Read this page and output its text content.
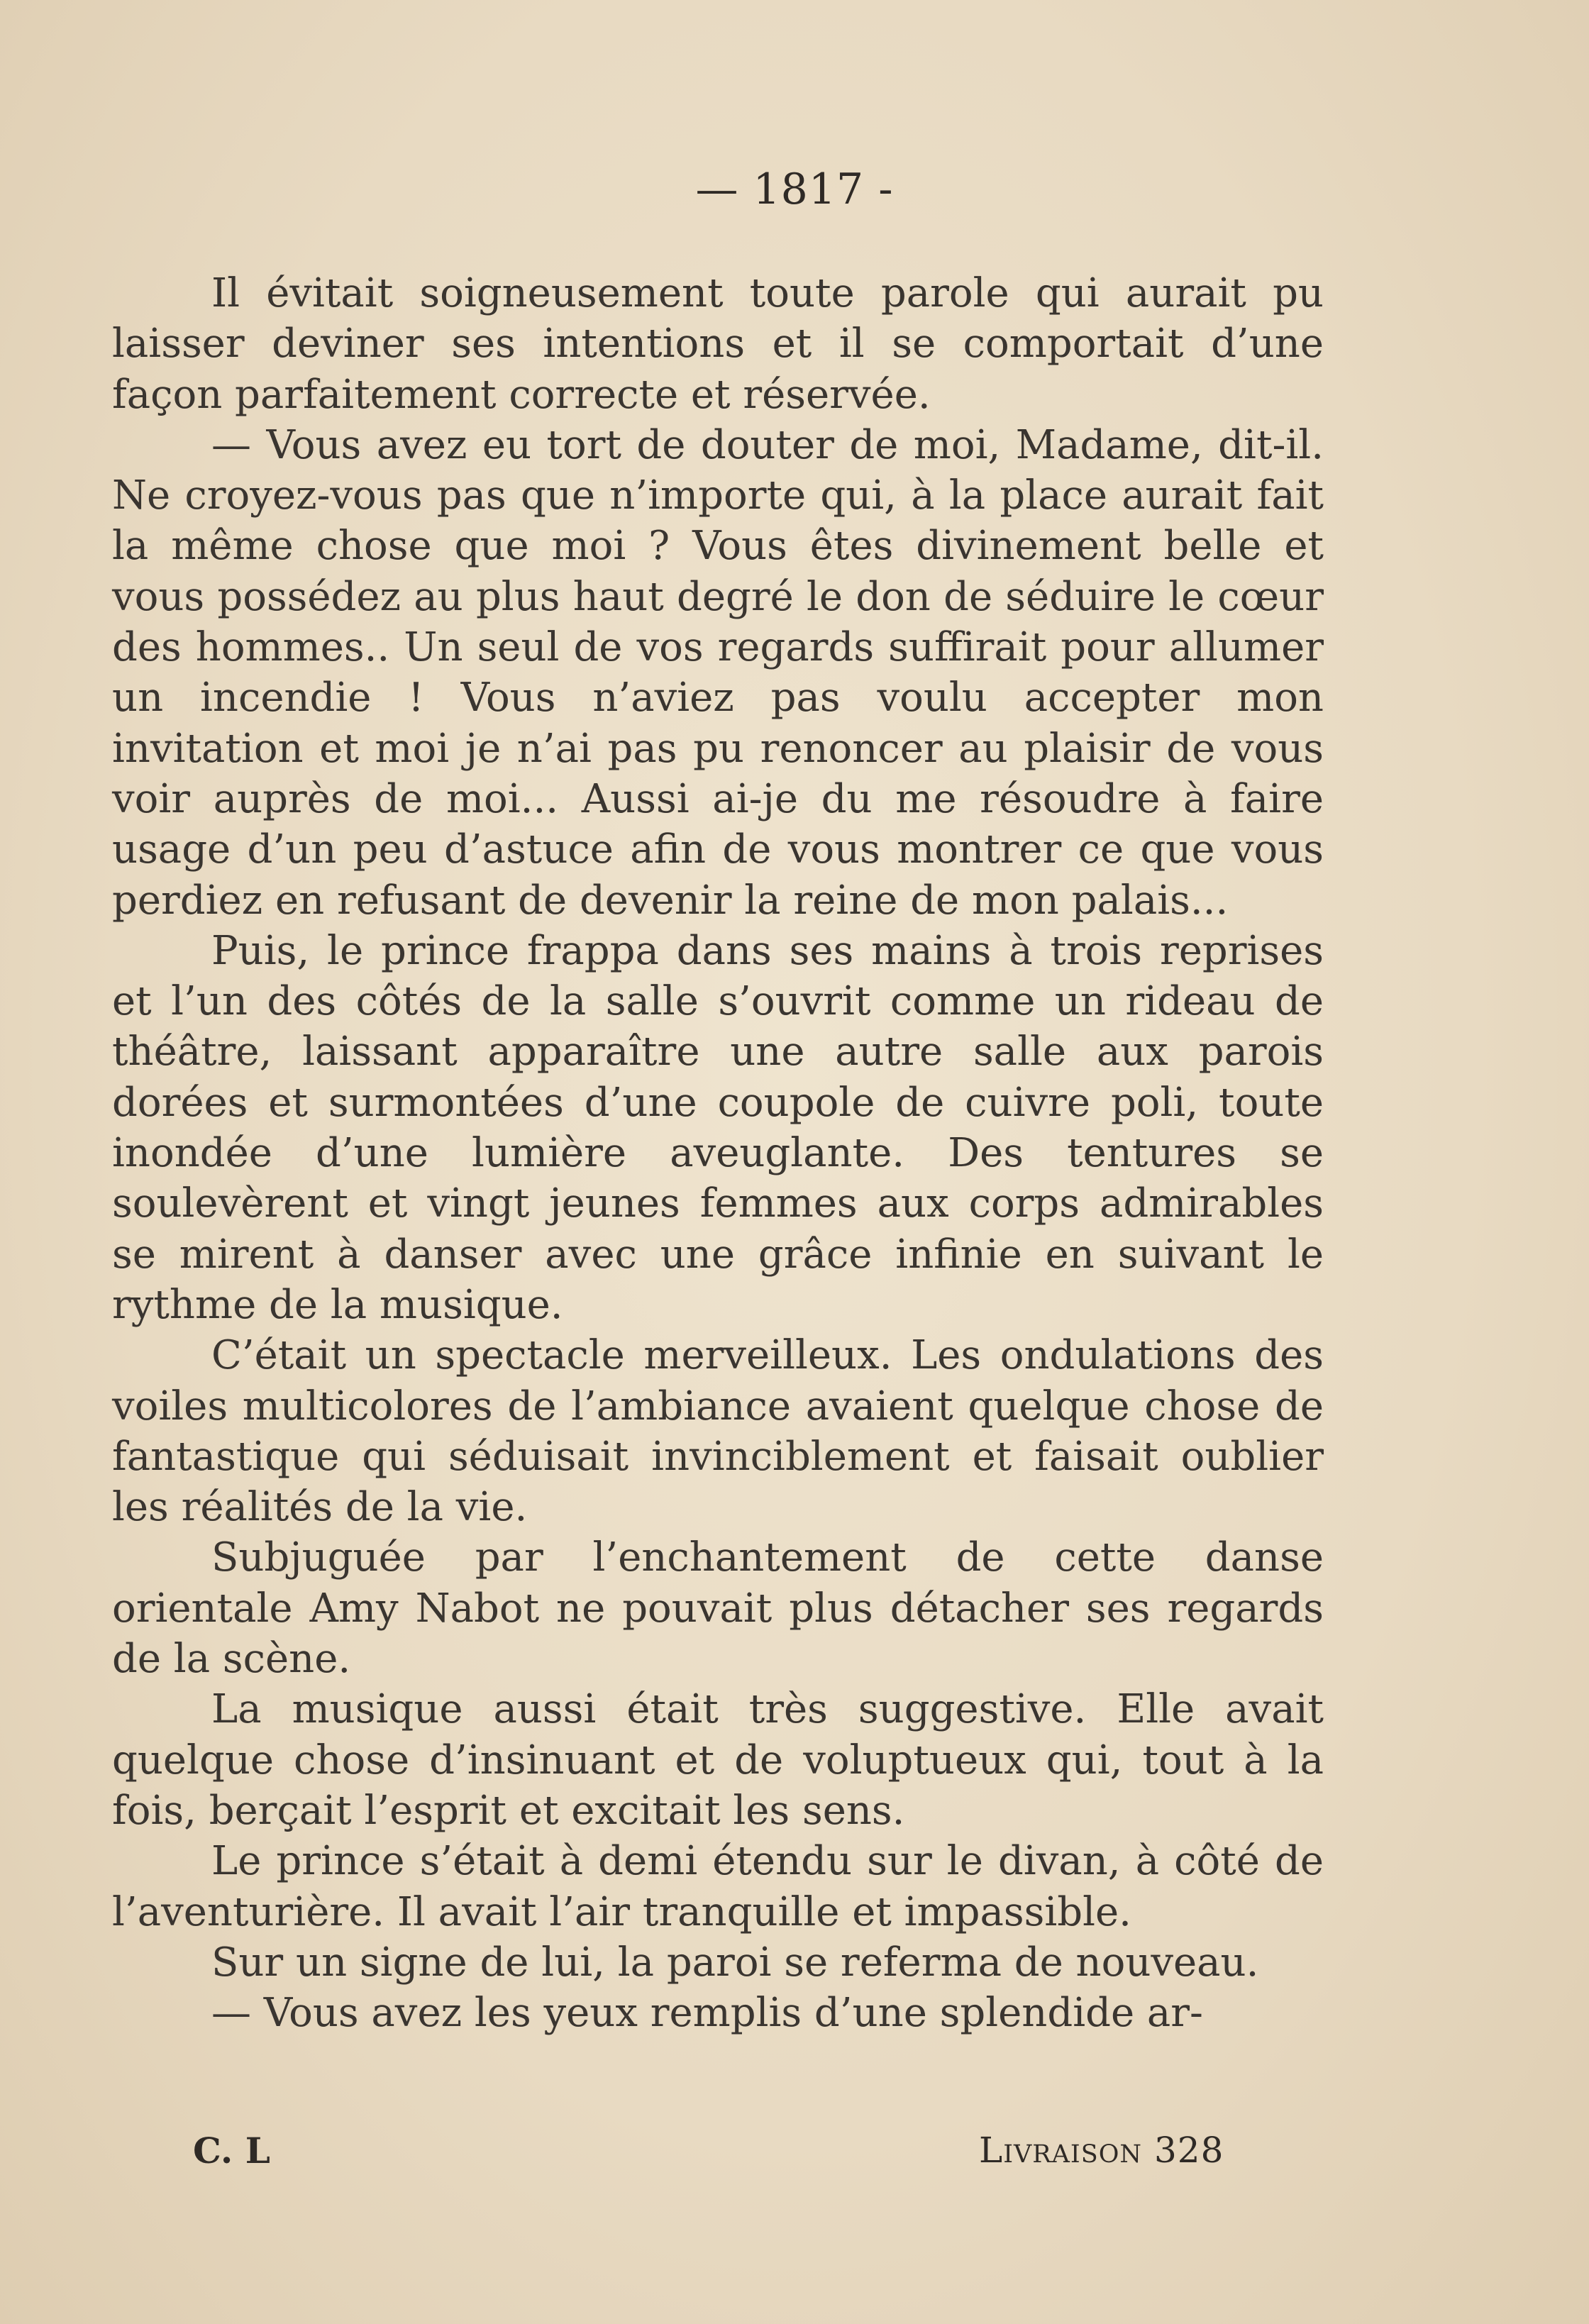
— 1817 -

Il évitait soigneusement toute parole qui aurait pu laisser deviner ses intentions et il se comportait d’une façon parfaitement correcte et réservée.

— Vous avez eu tort de douter de moi, Madame, dit-il. Ne croyez-vous pas que n’importe qui, à la place aurait fait la même chose que moi ? Vous êtes divinement belle et vous possédez au plus haut degré le don de séduire le cœur des hommes.. Un seul de vos regards suffirait pour allumer un incendie ! Vous n’aviez pas voulu accepter mon invitation et moi je n’ai pas pu renoncer au plaisir de vous voir auprès de moi... Aussi ai-je du me résoudre à faire usage d’un peu d’astuce afin de vous montrer ce que vous perdiez en refusant de devenir la reine de mon palais...

Puis, le prince frappa dans ses mains à trois reprises et l’un des côtés de la salle s’ouvrit comme un rideau de théâtre, laissant apparaître une autre salle aux parois dorées et surmontées d’une coupole de cuivre poli, toute inondée d’une lumière aveuglante. Des tentures se soulevèrent et vingt jeunes femmes aux corps admirables se mirent à danser avec une grâce infinie en suivant le rythme de la musique.

C’était un spectacle merveilleux. Les ondulations des voiles multicolores de l’ambiance avaient quelque chose de fantastique qui séduisait invinciblement et faisait oublier les réalités de la vie.

Subjuguée par l’enchantement de cette danse orientale Amy Nabot ne pouvait plus détacher ses regards de la scène.

La musique aussi était très suggestive. Elle avait quelque chose d’insinuant et de voluptueux qui, tout à la fois, berçait l’esprit et excitait les sens.

Le prince s’était à demi étendu sur le divan, à côté de l’aventurière. Il avait l’air tranquille et impassible.

Sur un signe de lui, la paroi se referma de nouveau.

— Vous avez les yeux remplis d’une splendide ar-

C. L	Livraison 328
